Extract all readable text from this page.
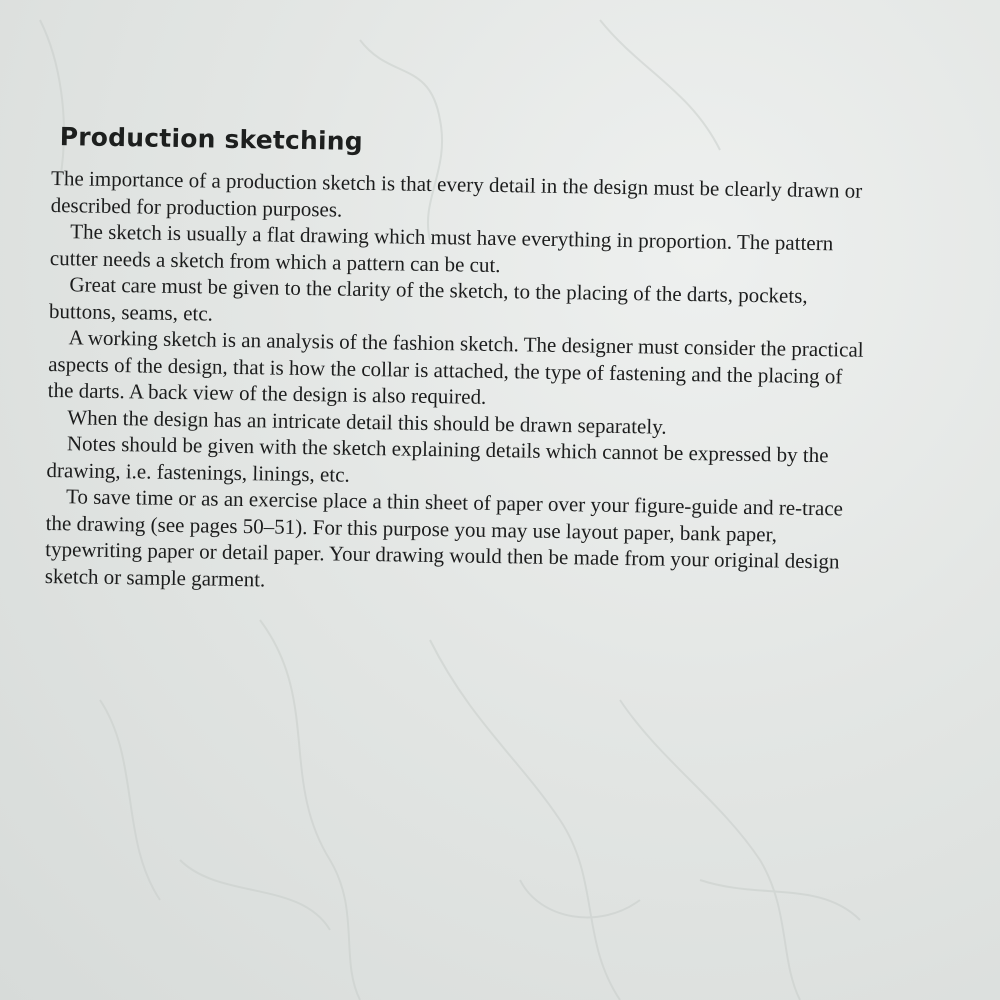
Production sketching

The importance of a production sketch is that every detail in the design must be clearly drawn or described for production purposes.

The sketch is usually a flat drawing which must have everything in proportion. The pattern cutter needs a sketch from which a pattern can be cut.

Great care must be given to the clarity of the sketch, to the placing of the darts, pockets, buttons, seams, etc.

A working sketch is an analysis of the fashion sketch. The designer must consider the practical aspects of the design, that is how the collar is attached, the type of fastening and the placing of the darts. A back view of the design is also required.

When the design has an intricate detail this should be drawn separately.

Notes should be given with the sketch explaining details which cannot be expressed by the drawing, i.e. fastenings, linings, etc.

To save time or as an exercise place a thin sheet of paper over your figure-guide and re-trace the drawing (see pages 50–51). For this purpose you may use layout paper, bank paper, typewriting paper or detail paper. Your drawing would then be made from your original design sketch or sample garment.
